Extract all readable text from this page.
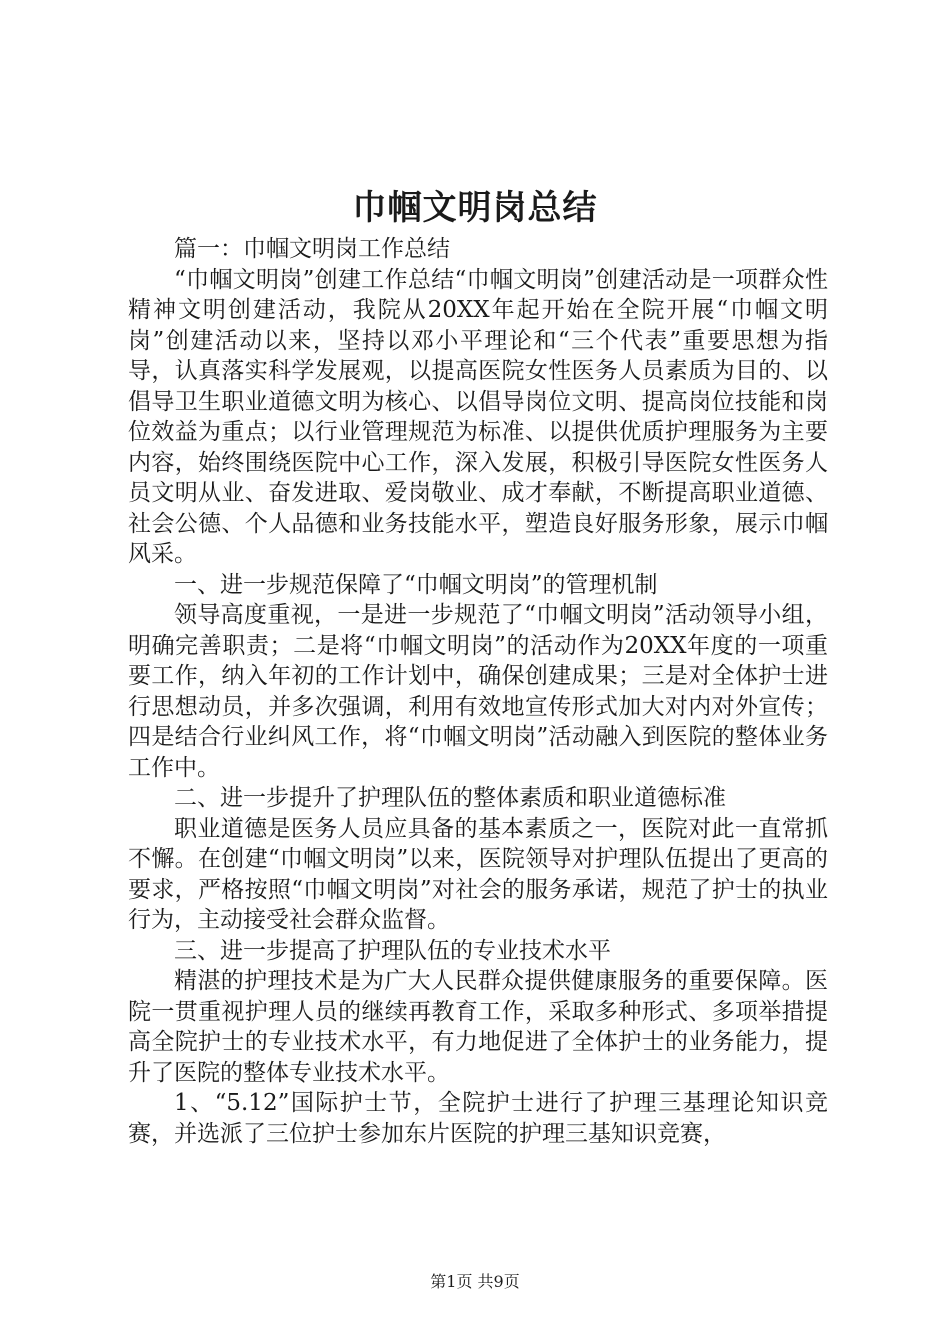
巾帼文明岗总结

篇一：巾帼文明岗工作总结

“巾帼文明岗”创建工作总结“巾帼文明岗”创建活动是一项群众性精神文明创建活动，我院从20XX年起开始在全院开展“巾帼文明岗”创建活动以来，坚持以邓小平理论和“三个代表”重要思想为指导，认真落实科学发展观，以提高医院女性医务人员素质为目的、以倡导卫生职业道德文明为核心、以倡导岗位文明、提高岗位技能和岗位效益为重点；以行业管理规范为标准、以提供优质护理服务为主要内容，始终围绕医院中心工作，深入发展，积极引导医院女性医务人员文明从业、奋发进取、爱岗敬业、成才奉献，不断提高职业道德、社会公德、个人品德和业务技能水平，塑造良好服务形象，展示巾帼风采。

一、进一步规范保障了“巾帼文明岗”的管理机制

领导高度重视，一是进一步规范了“巾帼文明岗”活动领导小组，明确完善职责；二是将“巾帼文明岗”的活动作为20XX年度的一项重要工作，纳入年初的工作计划中，确保创建成果；三是对全体护士进行思想动员，并多次强调，利用有效地宣传形式加大对内对外宣传；四是结合行业纠风工作，将“巾帼文明岗”活动融入到医院的整体业务工作中。

二、进一步提升了护理队伍的整体素质和职业道德标准

职业道德是医务人员应具备的基本素质之一，医院对此一直常抓不懈。在创建“巾帼文明岗”以来，医院领导对护理队伍提出了更高的要求，严格按照“巾帼文明岗”对社会的服务承诺，规范了护士的执业行为，主动接受社会群众监督。

三、进一步提高了护理队伍的专业技术水平

精湛的护理技术是为广大人民群众提供健康服务的重要保障。医院一贯重视护理人员的继续再教育工作，采取多种形式、多项举措提高全院护士的专业技术水平，有力地促进了全体护士的业务能力，提升了医院的整体专业技术水平。

1、“5.12”国际护士节，全院护士进行了护理三基理论知识竞赛，并选派了三位护士参加东片医院的护理三基知识竞赛，

第1页 共9页
